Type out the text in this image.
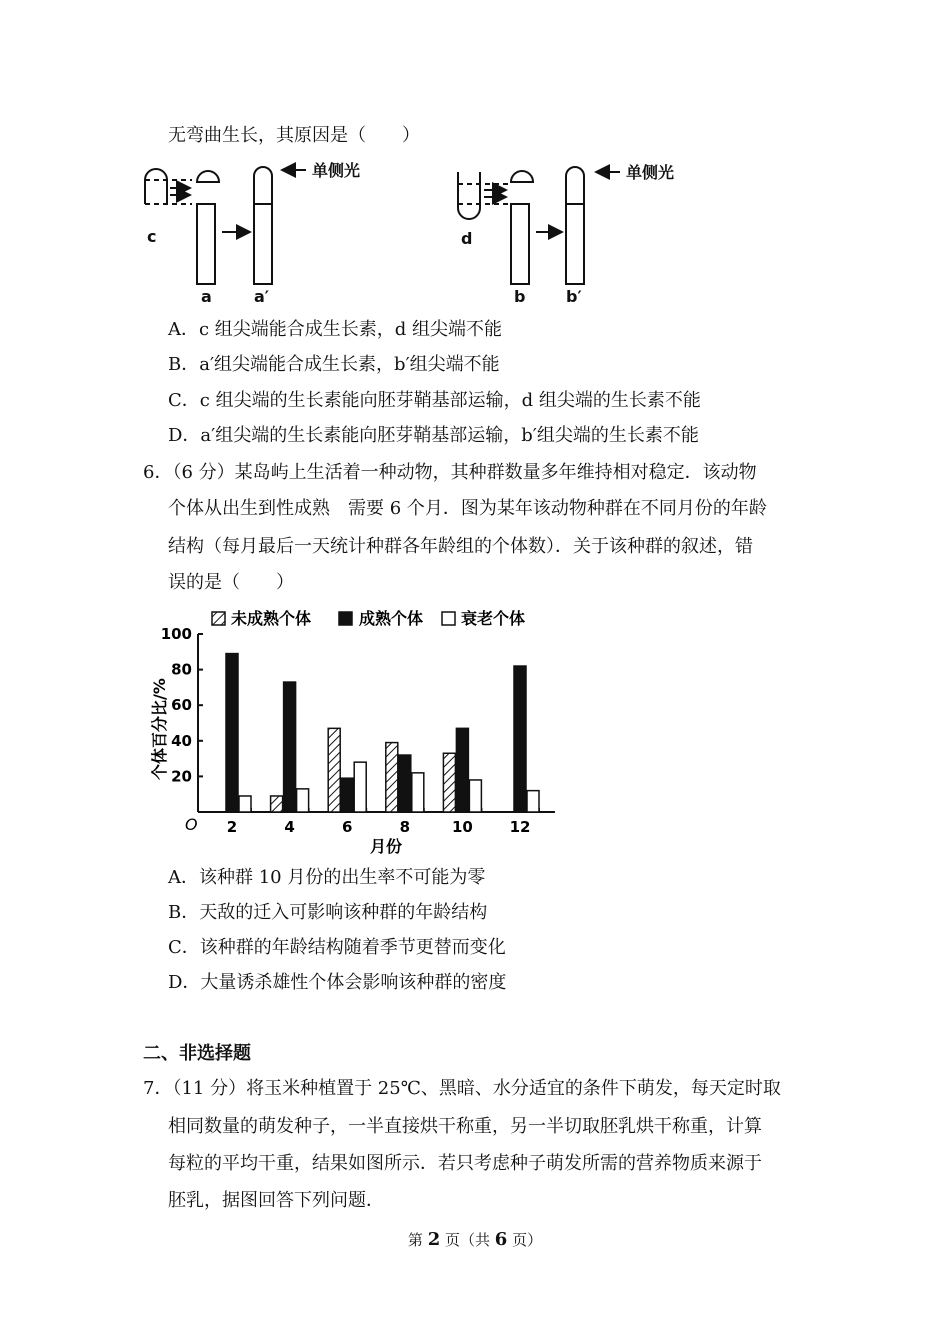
无弯曲生长，其原因是（　　）
单侧光	单侧光
c
a	a′
d
b	b′
A．c 组尖端能合成生长素，d 组尖端不能
B．a′组尖端能合成生长素，b′组尖端不能
C．c 组尖端的生长素能向胚芽鞘基部运输，d 组尖端的生长素不能
D．a′组尖端的生长素能向胚芽鞘基部运输，b′组尖端的生长素不能
6．（6 分）某岛屿上生活着一种动物，其种群数量多年维持相对稳定．该动物
个体从出生到性成熟　需要 6 个月．图为某年该动物种群在不同月份的年龄
结构（每月最后一天统计种群各年龄组的个体数）．关于该种群的叙述，错
误的是（　　）
未成熟个体	成熟个体 衰老个体
O
个体百分比/%
月份
20
40
60
80
100
2	4	6	8	10 12
A．该种群 10 月份的出生率不可能为零
B．天敌的迁入可影响该种群的年龄结构
C．该种群的年龄结构随着季节更替而变化
D．大量诱杀雄性个体会影响该种群的密度
二、非选择题
7．（11 分）将玉米种植置于 25℃、黑暗、水分适宜的条件下萌发，每天定时取
相同数量的萌发种子，一半直接烘干称重，另一半切取胚乳烘干称重，计算
每粒的平均干重，结果如图所示．若只考虑种子萌发所需的营养物质来源于
胚乳，据图回答下列问题．
第 2 页（共 6 页）
